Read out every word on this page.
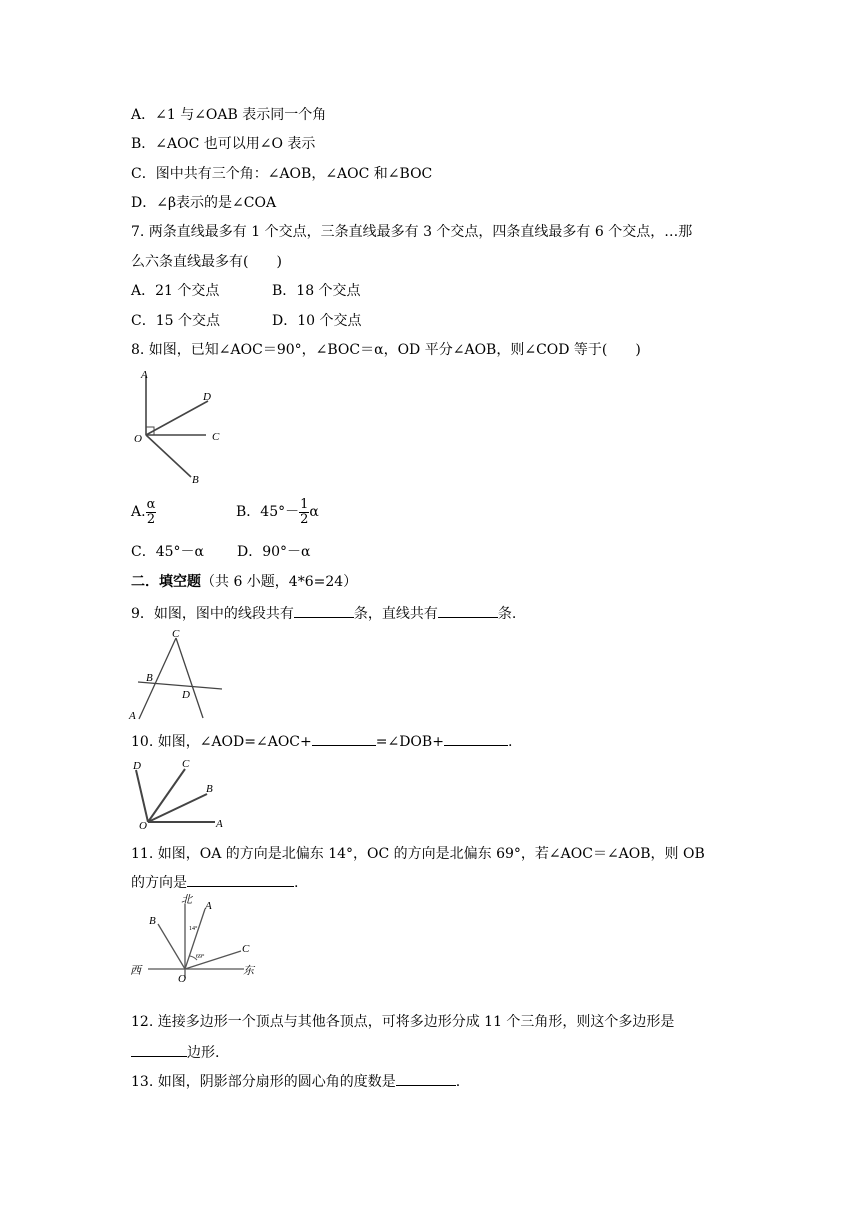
A．∠1 与∠OAB 表示同一个角
B．∠AOC 也可以用∠O 表示
C．图中共有三个角：∠AOB，∠AOC 和∠BOC
D．∠β表示的是∠COA
7. 两条直线最多有 1 个交点，三条直线最多有 3 个交点，四条直线最多有 6 个交点，…那
么六条直线最多有(　　)
A．21 个交点	B．18 个交点
C．15 个交点	D．10 个交点
8. 如图，已知∠AOC＝90°，∠BOC＝α，OD 平分∠AOB，则∠COD 等于(　　)
A
D
O	C
B
A. $\frac{\alpha}{2}$	B．$45^\circ- \frac{1}{2}$ α
C．45°－α D．90°－α
二．填空题（共 6 小题，4*6=24）
9．如图，图中的线段共有	条，直线共有	条.
C
B
D
A
10. 如图，∠AOD=∠AOC+	=∠DOB+	.
D	C
B
O	A
11. 如图，OA 的方向是北偏东 14°，OC 的方向是北偏东 69°，若∠AOC＝∠AOB，则 OB
的方向是	.
北
西	东
A
B
C
O
14°
69°
12. 连接多边形一个顶点与其他各顶点，可将多边形分成 11 个三角形，则这个多边形是
边形.
13. 如图，阴影部分扇形的圆心角的度数是	.
